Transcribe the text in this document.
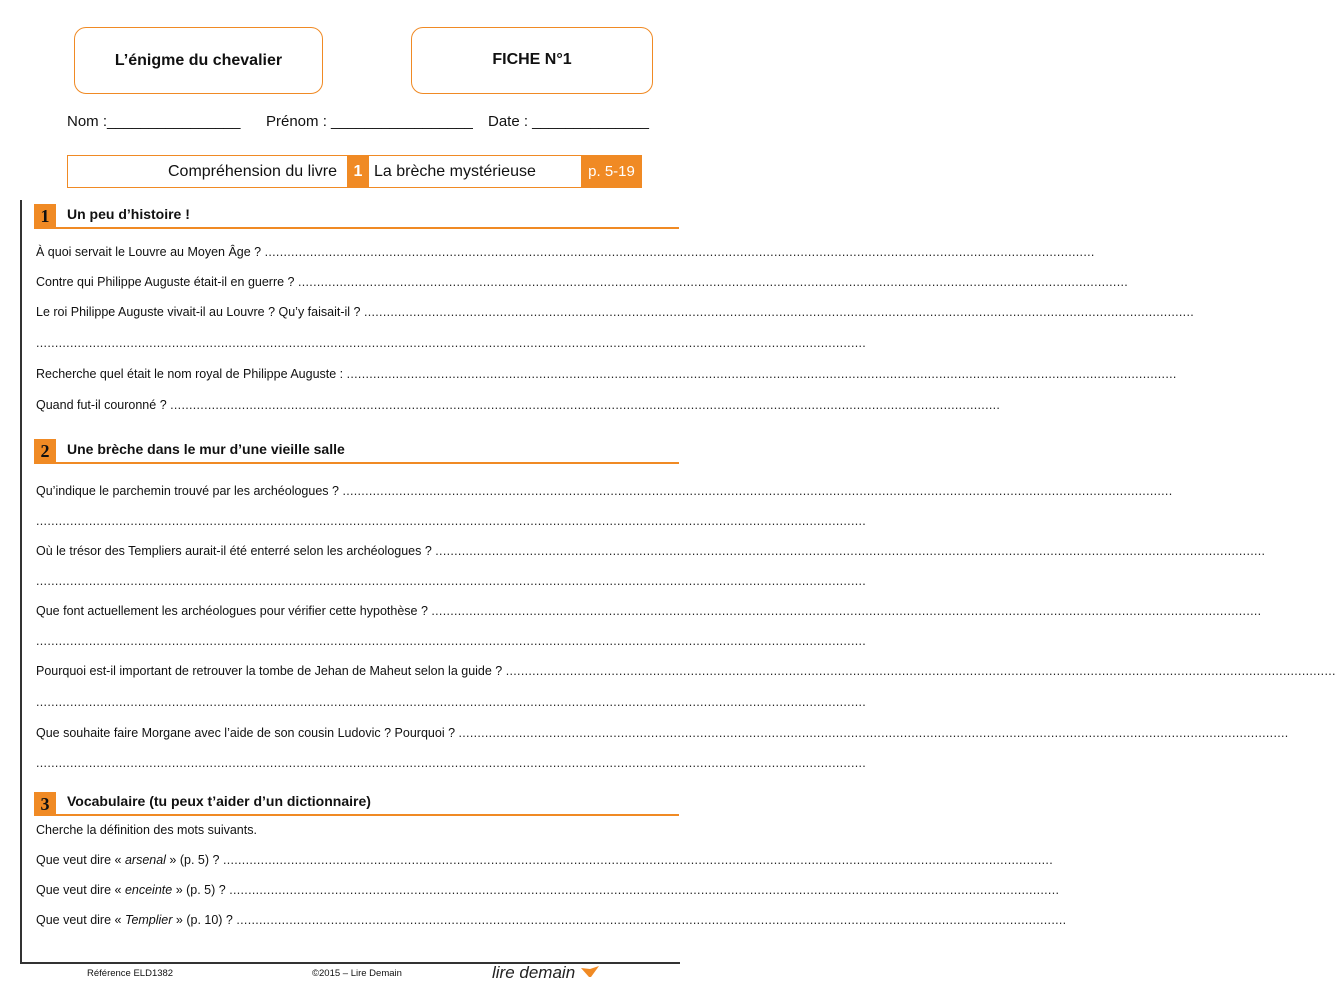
L’énigme du chevalier	FICHE N°1
Nom :________________ Prénom : _________________ Date : ______________
Compréhension du livre	1 La brèche mystérieuse	p. 5-19
1	Un peu d’histoire !
À quoi servait le Louvre au Moyen Âge ? ............................................................................................................................................................................................................................
Contre qui Philippe Auguste était-il en guerre ? ............................................................................................................................................................................................................................
Le roi Philippe Auguste vivait-il au Louvre ? Qu’y faisait-il ? ............................................................................................................................................................................................................................
............................................................................................................................................................................................................................
Recherche quel était le nom royal de Philippe Auguste : ............................................................................................................................................................................................................................
Quand fut-il couronné ? ............................................................................................................................................................................................................................
2	Une brèche dans le mur d’une vieille salle
Qu’indique le parchemin trouvé par les archéologues ? ............................................................................................................................................................................................................................
............................................................................................................................................................................................................................
Où le trésor des Templiers aurait-il été enterré selon les archéologues ? ............................................................................................................................................................................................................................
............................................................................................................................................................................................................................
Que font actuellement les archéologues pour vérifier cette hypothèse ? ............................................................................................................................................................................................................................
............................................................................................................................................................................................................................
Pourquoi est-il important de retrouver la tombe de Jehan de Maheut selon la guide ? ............................................................................................................................................................................................................................
............................................................................................................................................................................................................................
Que souhaite faire Morgane avec l’aide de son cousin Ludovic ? Pourquoi ? ............................................................................................................................................................................................................................
............................................................................................................................................................................................................................
3	Vocabulaire (tu peux t’aider d’un dictionnaire)
Cherche la définition des mots suivants.
Que veut dire « arsenal » (p. 5) ? ............................................................................................................................................................................................................................
Que veut dire « enceinte » (p. 5) ? ............................................................................................................................................................................................................................
Que veut dire « Templier » (p. 10) ? ............................................................................................................................................................................................................................
Référence ELD1382	©2015 – Lire Demain	lire demain
